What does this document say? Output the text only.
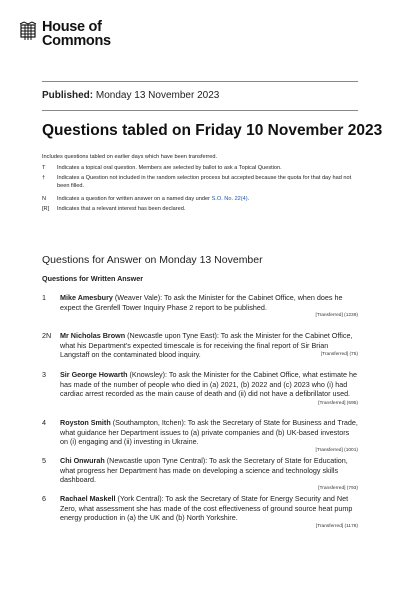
House of
Commons
Published: Monday 13 November 2023
Questions tabled on Friday 10 November 2023
Includes questions tabled on earlier days which have been transferred.
T	Indicates a topical oral question. Members are selected by ballot to ask a Topical Question.
†	Indicates a Question not included in the random selection process but accepted because the quota for that day had not been filled.
N	Indicates a question for written answer on a named day under S.O. No. 22(4).
[R]	Indicates that a relevant interest has been declared.
Questions for Answer on Monday 13 November
Questions for Written Answer
1	Mike Amesbury (Weaver Vale): To ask the Minister for the Cabinet Office, when does he expect the Grenfell Tower Inquiry Phase 2 report to be published.
[Transferred] (1239)
2N	Mr Nicholas Brown (Newcastle upon Tyne East): To ask the Minister for the Cabinet Office, what his Department's expected timescale is for receiving the final report of Sir Brian Langstaff on the contaminated blood inquiry.	[Transferred] (75)
3	Sir George Howarth (Knowsley): To ask the Minister for the Cabinet Office, what estimate he has made of the number of people who died in (a) 2021, (b) 2022 and (c) 2023 who (i) had cardiac arrest recorded as the main cause of death and (ii) did not have a defibrillator used.
[Transferred] (695)
4	Royston Smith (Southampton, Itchen): To ask the Secretary of State for Business and Trade, what guidance her Department issues to (a) private companies and (b) UK-based investors on (i) engaging and (ii) investing in Ukraine.
[Transferred] (1001)
5	Chi Onwurah (Newcastle upon Tyne Central): To ask the Secretary of State for Education, what progress her Department has made on developing a science and technology skills dashboard.
[Transferred] (793)
6	Rachael Maskell (York Central): To ask the Secretary of State for Energy Security and Net Zero, what assessment she has made of the cost effectiveness of ground source heat pump energy production in (a) the UK and (b) North Yorkshire.
[Transferred] (1178)
